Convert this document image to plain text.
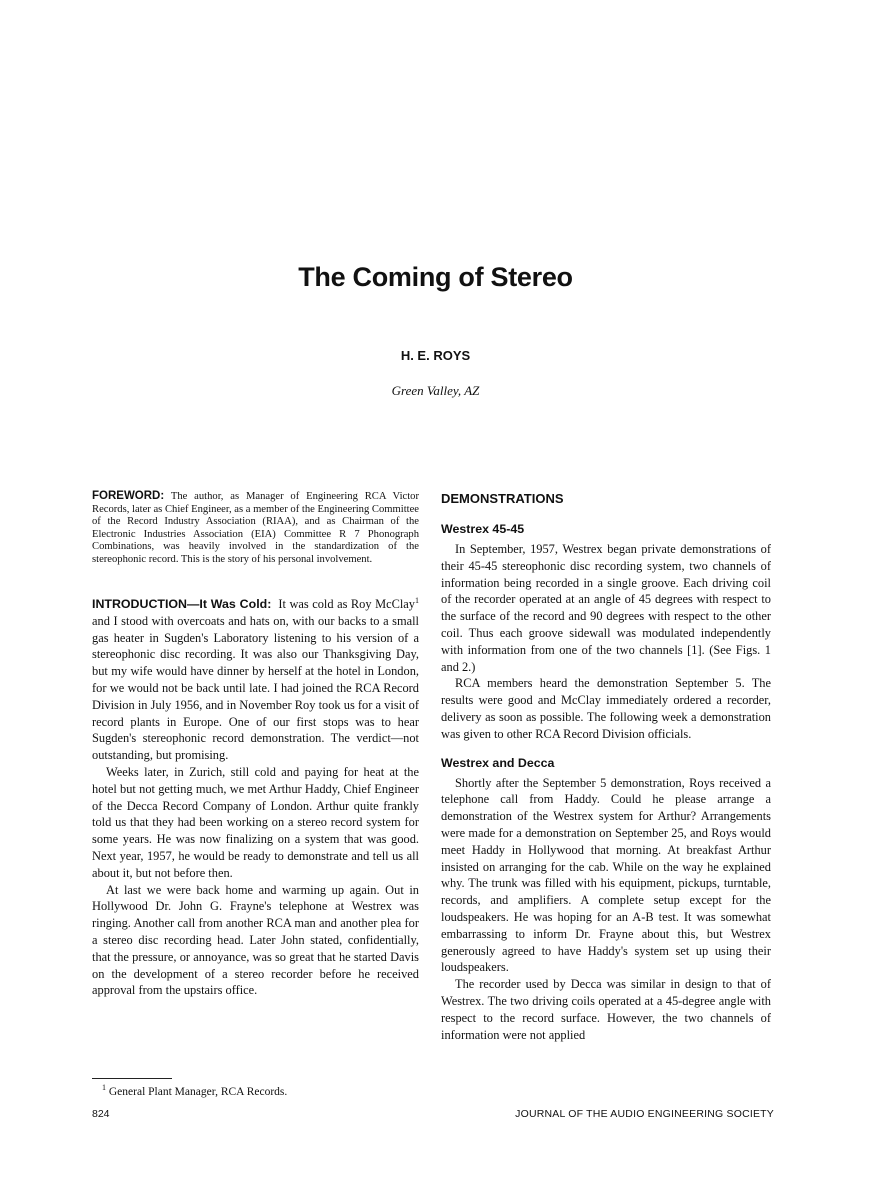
The Coming of Stereo
H. E. ROYS
Green Valley, AZ

FOREWORD: The author, as Manager of Engineering RCA Victor Records, later as Chief Engineer, as a member of the Engineering Committee of the Record Industry Association (RIAA), and as Chairman of the Electronic Industries Association (EIA) Committee R 7 Phonograph Combinations, was heavily involved in the standardization of the stereophonic record. This is the story of his personal involvement.

INTRODUCTION—It Was Cold: It was cold as Roy McClay$^1$ and I stood with overcoats and hats on, with our backs to a small gas heater in Sugden's Laboratory listening to his version of a stereophonic disc recording. It was also our Thanksgiving Day, but my wife would have dinner by herself at the hotel in London, for we would not be back until late. I had joined the RCA Record Division in July 1956, and in November Roy took us for a visit of record plants in Europe. One of our first stops was to hear Sugden's stereophonic record demonstration. The verdict—not outstanding, but promising.

Weeks later, in Zurich, still cold and paying for heat at the hotel but not getting much, we met Arthur Haddy, Chief Engineer of the Decca Record Company of London. Arthur quite frankly told us that they had been working on a stereo record system for some years. He was now finalizing on a system that was good. Next year, 1957, he would be ready to demonstrate and tell us all about it, but not before then.

At last we were back home and warming up again. Out in Hollywood Dr. John G. Frayne's telephone at Westrex was ringing. Another call from another RCA man and another plea for a stereo disc recording head. Later John stated, confidentially, that the pressure, or annoyance, was so great that he started Davis on the development of a stereo recorder before he received approval from the upstairs office.

DEMONSTRATIONS
Westrex 45-45

In September, 1957, Westrex began private demonstrations of their 45-45 stereophonic disc recording system, two channels of information being recorded in a single groove. Each driving coil of the recorder operated at an angle of 45 degrees with respect to the surface of the record and 90 degrees with respect to the other coil. Thus each groove sidewall was modulated independently with information from one of the two channels [1]. (See Figs. 1 and 2.)

RCA members heard the demonstration September 5. The results were good and McClay immediately ordered a recorder, delivery as soon as possible. The following week a demonstration was given to other RCA Record Division officials.

Westrex and Decca

Shortly after the September 5 demonstration, Roys received a telephone call from Haddy. Could he please arrange a demonstration of the Westrex system for Arthur? Arrangements were made for a demonstration on September 25, and Roys would meet Haddy in Hollywood that morning. At breakfast Arthur insisted on arranging for the cab. While on the way he explained why. The trunk was filled with his equipment, pickups, turntable, records, and amplifiers. A complete setup except for the loudspeakers. He was hoping for an A-B test. It was somewhat embarrassing to inform Dr. Frayne about this, but Westrex generously agreed to have Haddy's system set up using their loudspeakers.

The recorder used by Decca was similar in design to that of Westrex. The two driving coils operated at a 45-degree angle with respect to the record surface. However, the two channels of information were not applied

$^1$ General Plant Manager, RCA Records.
824	JOURNAL OF THE AUDIO ENGINEERING SOCIETY
